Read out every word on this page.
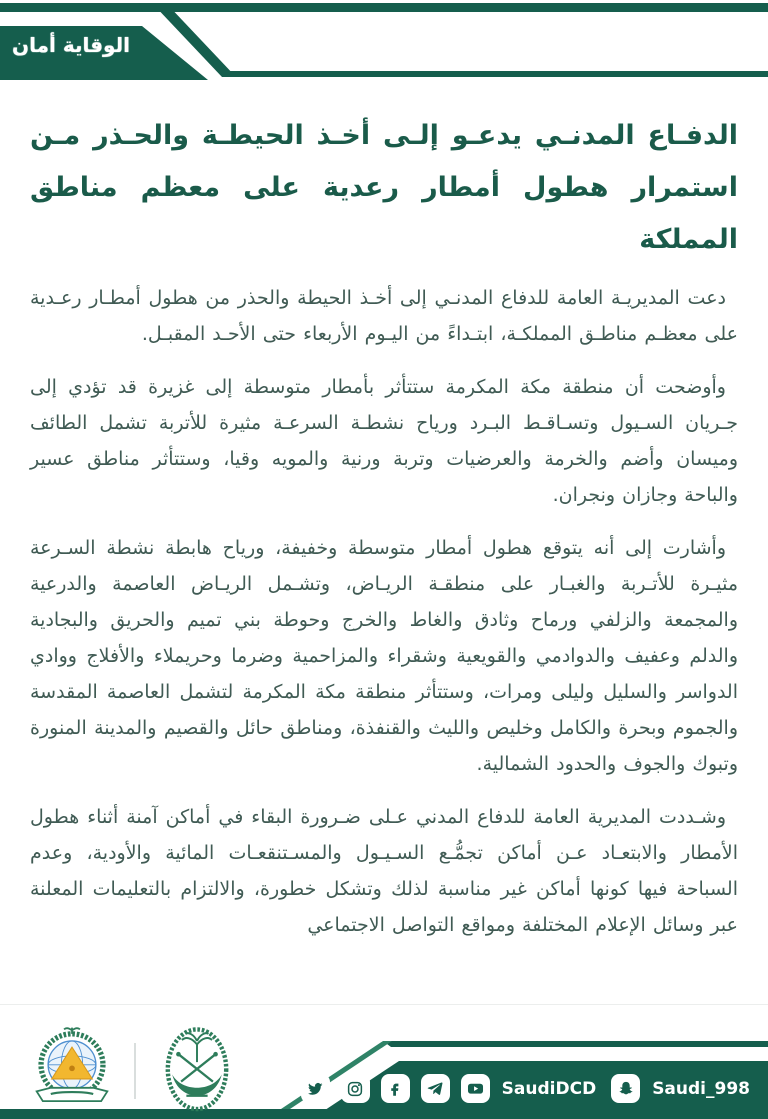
الوقاية أمان
الدفـاع المدنـي يدعـو إلـى أخـذ الحيطـة والحـذر مـن
استمرار هطول أمطار رعدية على معظم مناطق المملكة

دعت المديريـة العامة للدفاع المدنـي إلى أخـذ الحيطة والحذر من هطول أمطـار رعـدية على معظـم مناطـق المملكـة، ابتـداءً من اليـوم الأربعاء حتى الأحـد المقبـل.

وأوضحت أن منطقة مكة المكرمة ستتأثر بأمطار متوسطة إلى غزيرة قد تؤدي إلى جـريان السـيول وتسـاقـط البـرد ورياح نشطـة السرعـة مثيرة للأتربة تشمل الطائف وميسان وأضم والخرمة والعرضيات وتربة ورنية والمويه وقيا، وستتأثر مناطق عسير والباحة وجازان ونجران.

وأشارت إلى أنه يتوقع هطول أمطار متوسطة وخفيفة، ورياح هابطة نشطة السـرعة مثيـرة للأتـربة والغبـار على منطقـة الريـاض، وتشـمل الريـاض العاصمة والدرعية والمجمعة والزلفي ورماح وثادق والغاط والخرج وحوطة بني تميم والحريق والبجادية والدلم وعفيف والدوادمي والقويعية وشقراء والمزاحمية وضرما وحريملاء والأفلاج ووادي الدواسر والسليل وليلى ومرات، وستتأثر منطقة مكة المكرمة لتشمل العاصمة المقدسة والجموم وبحرة والكامل وخليص والليث والقنفذة، ومناطق حائل والقصيم والمدينة المنورة وتبوك والجوف والحدود الشمالية.

وشـددت المديرية العامة للدفاع المدني عـلى ضـرورة البقاء في أماكن آمنة أثناء هطول الأمطار والابتعـاد عـن أماكن تجمُّـع السـيـول والمسـتنقعـات المائية والأودية، وعدم السباحة فيها كونها أماكن غير مناسبة لذلك وتشكل خطورة، والالتزام بالتعليمات المعلنة عبر وسائل الإعلام المختلفة ومواقع التواصل الاجتماعي

SaudiDCD	Saudi_998
